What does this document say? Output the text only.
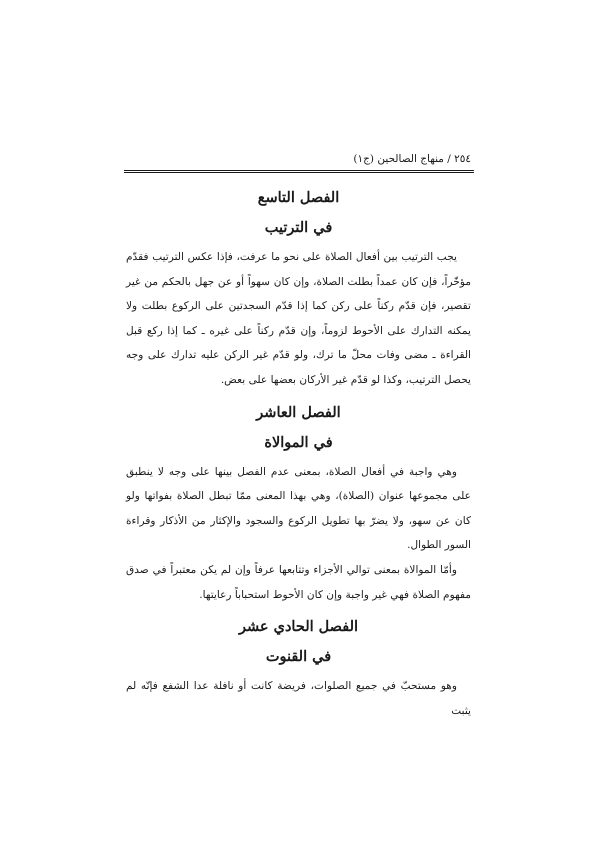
٢٥٤ / منهاج الصالحين (ج١)
الفصل التاسع
في الترتيب

يجب الترتيب بين أفعال الصلاة على نحو ما عرفت، فإذا عكس الترتيب فقدّم مؤخّراً، فإن كان عمداً بطلت الصلاة، وإن كان سهواً أو عن جهل بالحكم من غير تقصير، فإن قدّم ركناً على ركن كما إذا قدّم السجدتين على الركوع بطلت ولا يمكنه التدارك على الأحوط لزوماً، وإن قدّم ركناً على غيره ـ كما إذا ركع قبل القراءة ـ مضى وفات محلّ ما ترك، ولو قدّم غير الركن عليه تدارك على وجه يحصل الترتيب، وكذا لو قدّم غير الأركان بعضها على بعض.

الفصل العاشر
في الموالاة

وهي واجبة في أفعال الصلاة، بمعنى عدم الفصل بينها على وجه لا ينطبق على مجموعها عنوان (الصلاة)، وهي بهذا المعنى ممّا تبطل الصلاة بفواتها ولو كان عن سهو، ولا يضرّ بها تطويل الركوع والسجود والإكثار من الأذكار وقراءة السور الطوال.

وأمّا الموالاة بمعنى توالي الأجزاء وتتابعها عرفاً وإن لم يكن معتبراً في صدق مفهوم الصلاة فهي غير واجبة وإن كان الأحوط استحباباً رعايتها.

الفصل الحادي عشر
في القنوت

وهو مستحبّ في جميع الصلوات، فريضة كانت أو نافلة عدا الشفع فإنّه لم يثبت
